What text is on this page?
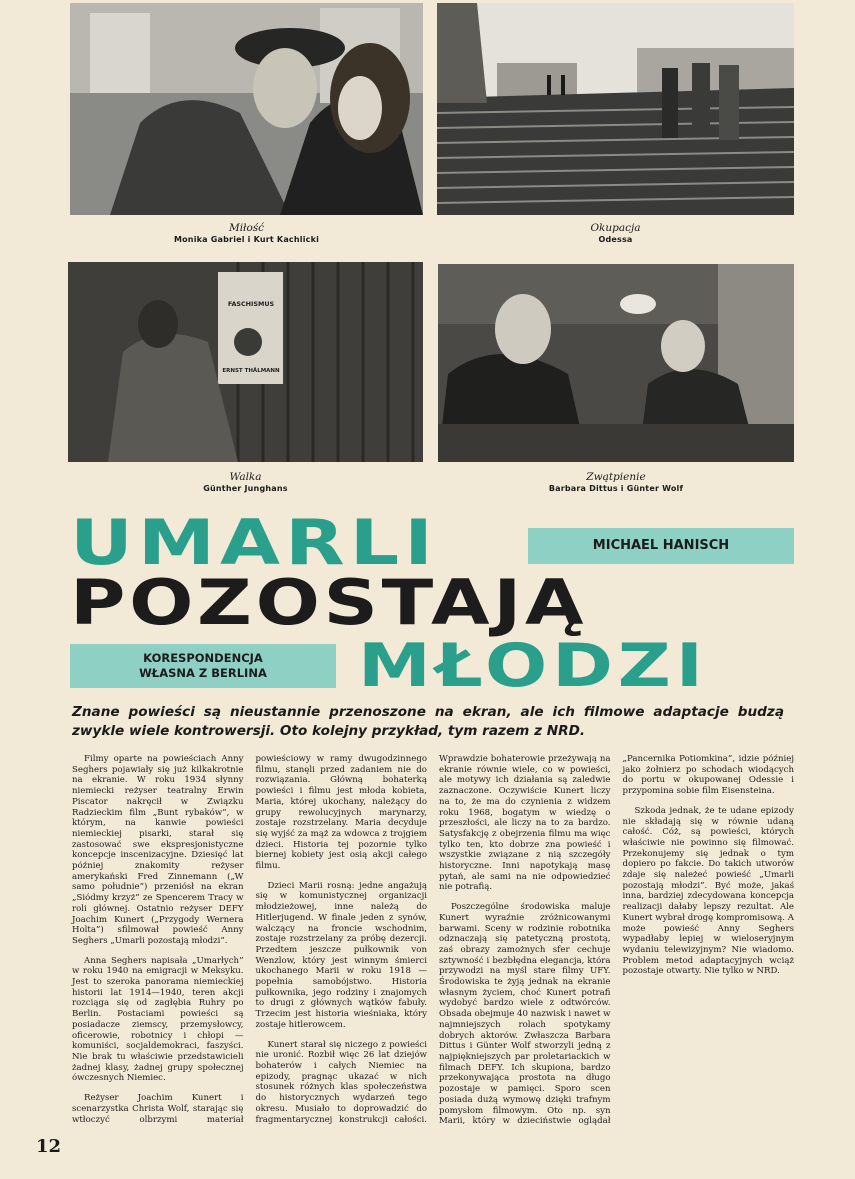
Miłość
Monika Gabriel i Kurt Kachlicki
Okupacja
Odessa
FASCHISMUS
ERNST THÄLMANN
Walka
Günther Junghans
Zwątpienie
Barbara Dittus i Günter Wolf
UMARLI	MICHAEL HANISCH
POZOSTAJĄ
KORESPONDENCJA
WŁASNA Z BERLINA	MŁODZI
Znane powieści są nieustannie przenoszone na ekran, ale ich filmowe adaptacje budzą zwykle wiele kontrowersji. Oto kolejny przykład, tym razem z NRD.

Filmy oparte na powieściach Anny Seghers pojawiały się już kilkakrotnie na ekranie. W roku 1934 słynny niemiecki reżyser teatralny Erwin Piscator nakręcił w Związku Radzieckim film „Bunt rybaków”, w którym, na kanwie powieści niemieckiej pisarki, starał się zastosować swe ekspresjonistyczne koncepcje inscenizacyjne. Dziesięć lat później znakomity reżyser amerykański Fred Zinnemann („W samo południe”) przeniósł na ekran „Siódmy krzyż” ze Spencerem Tracy w roli głównej. Ostatnio reżyser DEFY Joachim Kunert („Przygody Wernera Holta”) sfilmował powieść Anny Seghers „Umarli pozostają młodzi”.

Anna Seghers napisała „Umarłych” w roku 1940 na emigracji w Meksyku. Jest to szeroka panorama niemieckiej historii lat 1914—1940, teren akcji rozciąga się od zagłębia Ruhry po Berlin. Postaciami powieści są posiadacze ziemscy, przemysłowcy, oficerowie, robotnicy i chłopi — komuniści, socjaldemokraci, faszyści. Nie brak tu właściwie przedstawicieli żadnej klasy, żadnej grupy społecznej ówczesnych Niemiec.

Reżyser Joachim Kunert i scenarzystka Christa Wolf, starając się wtłoczyć olbrzymi materiał powieściowy w ramy dwugodzinnego filmu, stanęli przed zadaniem nie do rozwiązania. Główną bohaterką powieści i filmu jest młoda kobieta, Maria, której ukochany, należący do grupy rewolucyjnych marynarzy, zostaje rozstrzelany. Maria decyduje się wyjść za mąż za wdowca z trojgiem dzieci. Historia tej pozornie tylko biernej kobiety jest osią akcji całego filmu.

Dzieci Marii rosną: jedne angażują się w komunistycznej organizacji młodzieżowej, inne należą do Hitlerjugend. W finale jeden z synów, walczący na froncie wschodnim, zostaje rozstrzelany za próbę dezercji. Przedtem jeszcze pułkownik von Wenzlow, który jest winnym śmierci ukochanego Marii w roku 1918 — popełnia samobójstwo. Historia pułkownika, jego rodziny i znajomych to drugi z głównych wątków fabuły. Trzecim jest historia wieśniaka, który zostaje hitlerowcem.

Kunert starał się niczego z powieści nie uronić. Rozbił więc 26 lat dziejów bohaterów i całych Niemiec na epizody, pragnąc ukazać w nich stosunek różnych klas społeczeństwa do historycznych wydarzeń tego okresu. Musiało to doprowadzić do fragmentarycznej konstrukcji całości. Wprawdzie bohaterowie przeżywają na ekranie równie wiele, co w powieści, ale motywy ich działania są zaledwie zaznaczone. Oczywiście Kunert liczy na to, że ma do czynienia z widzem roku 1968, bogatym w wiedzę o przeszłości, ale liczy na to za bardzo. Satysfakcję z obejrzenia filmu ma więc tylko ten, kto dobrze zna powieść i wszystkie związane z nią szczegóły historyczne. Inni napotykają masę pytań, ale sami na nie odpowiedzieć nie potrafią.

Poszczególne środowiska maluje Kunert wyraźnie zróżnicowanymi barwami. Sceny w rodzinie robotnika odznaczają się patetyczną prostotą, zaś obrazy zamożnych sfer cechuje sztywność i bezbłędna elegancja, która przywodzi na myśl stare filmy UFY. Środowiska te żyją jednak na ekranie własnym życiem, choć Kunert potrafi wydobyć bardzo wiele z odtwórców. Obsada obejmuje 40 nazwisk i nawet w najmniejszych rolach spotykamy dobrych aktorów. Zwłaszcza Barbara Dittus i Günter Wolf stworzyli jedną z najpiękniejszych par proletariackich w filmach DEFY. Ich skupiona, bardzo przekonywająca prostota na długo pozostaje w pamięci. Sporo scen posiada dużą wymowę dzięki trafnym pomysłom filmowym. Oto np. syn Marii, który w dzieciństwie oglądał „Pancernika Potiomkina”, idzie później jako żołnierz po schodach wiodących do portu w okupowanej Odessie i przypomina sobie film Eisensteina.

Szkoda jednak, że te udane epizody nie składają się w równie udaną całość. Cóż, są powieści, których właściwie nie powinno się filmować. Przekonujemy się jednak o tym dopiero po fakcie. Do takich utworów zdaje się należeć powieść „Umarli pozostają młodzi”. Być może, jakaś inna, bardziej zdecydowana koncepcja realizacji dałaby lepszy rezultat. Ale Kunert wybrał drogę kompromisową. A może powieść Anny Seghers wypadłaby lepiej w wieloseryjnym wydaniu telewizyjnym? Nie wiadomo. Problem metod adaptacyjnych wciąż pozostaje otwarty. Nie tylko w NRD.

12
